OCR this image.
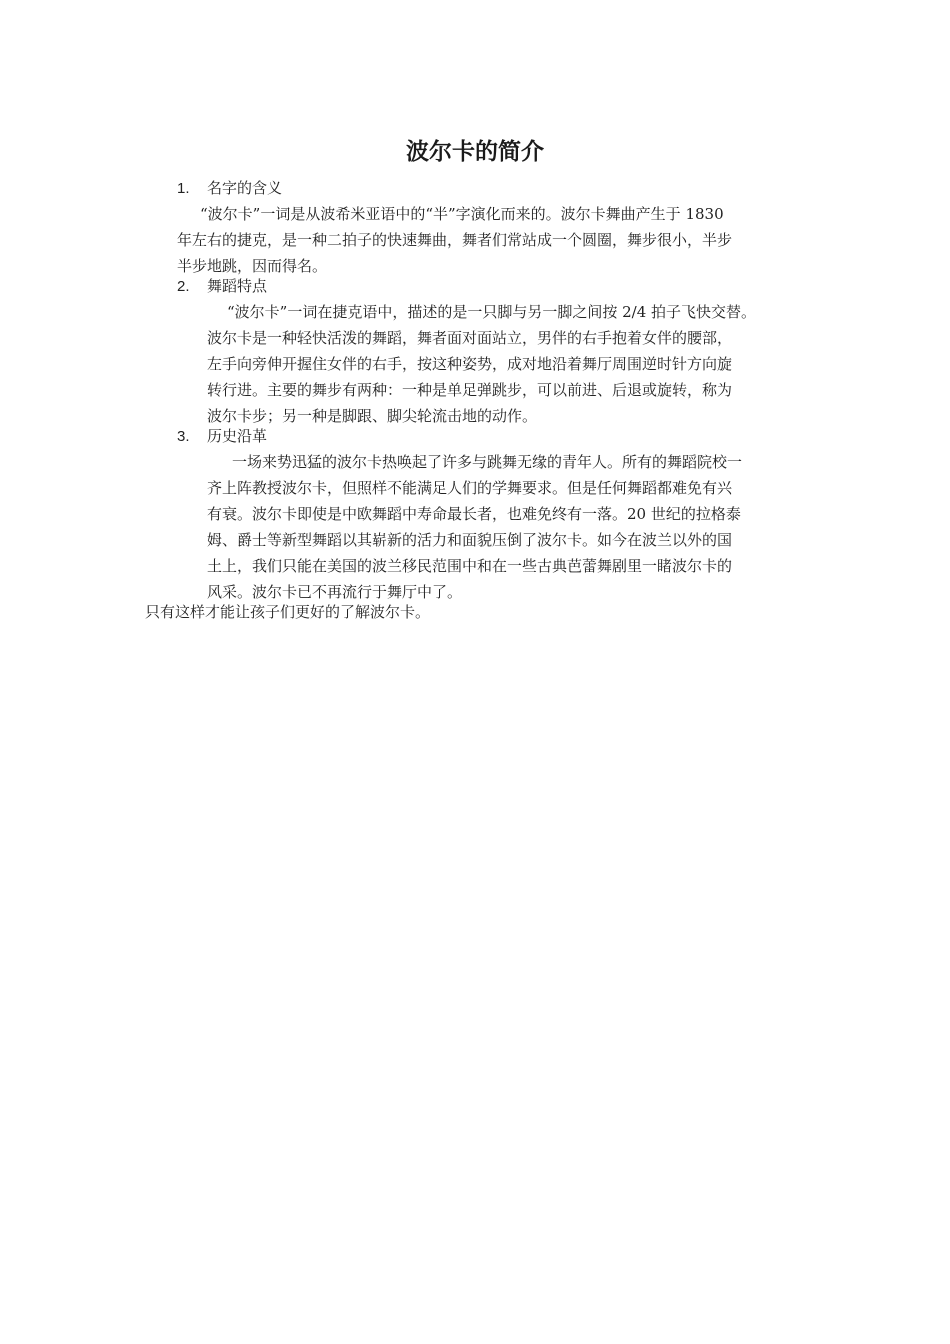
波尔卡的简介
1. 名字的含义

“波尔卡”一词是从波希米亚语中的“半”字演化而来的。波尔卡舞曲产生于 1830
年左右的捷克，是一种二拍子的快速舞曲，舞者们常站成一个圆圈，舞步很小，半步
半步地跳，因而得名。

2. 舞蹈特点

“波尔卡”一词在捷克语中，描述的是一只脚与另一脚之间按 2/4 拍子飞快交替。
波尔卡是一种轻快活泼的舞蹈，舞者面对面站立，男伴的右手抱着女伴的腰部，
左手向旁伸开握住女伴的右手，按这种姿势，成对地沿着舞厅周围逆时针方向旋
转行进。主要的舞步有两种：一种是单足弹跳步，可以前进、后退或旋转，称为
波尔卡步；另一种是脚跟、脚尖轮流击地的动作。

3. 历史沿革

一场来势迅猛的波尔卡热唤起了许多与跳舞无缘的青年人。所有的舞蹈院校一
齐上阵教授波尔卡，但照样不能满足人们的学舞要求。但是任何舞蹈都难免有兴
有衰。波尔卡即使是中欧舞蹈中寿命最长者，也难免终有一落。20 世纪的拉格泰
姆、爵士等新型舞蹈以其崭新的活力和面貌压倒了波尔卡。如今在波兰以外的国
土上，我们只能在美国的波兰移民范围中和在一些古典芭蕾舞剧里一睹波尔卡的
风采。波尔卡已不再流行于舞厅中了。

只有这样才能让孩子们更好的了解波尔卡。
